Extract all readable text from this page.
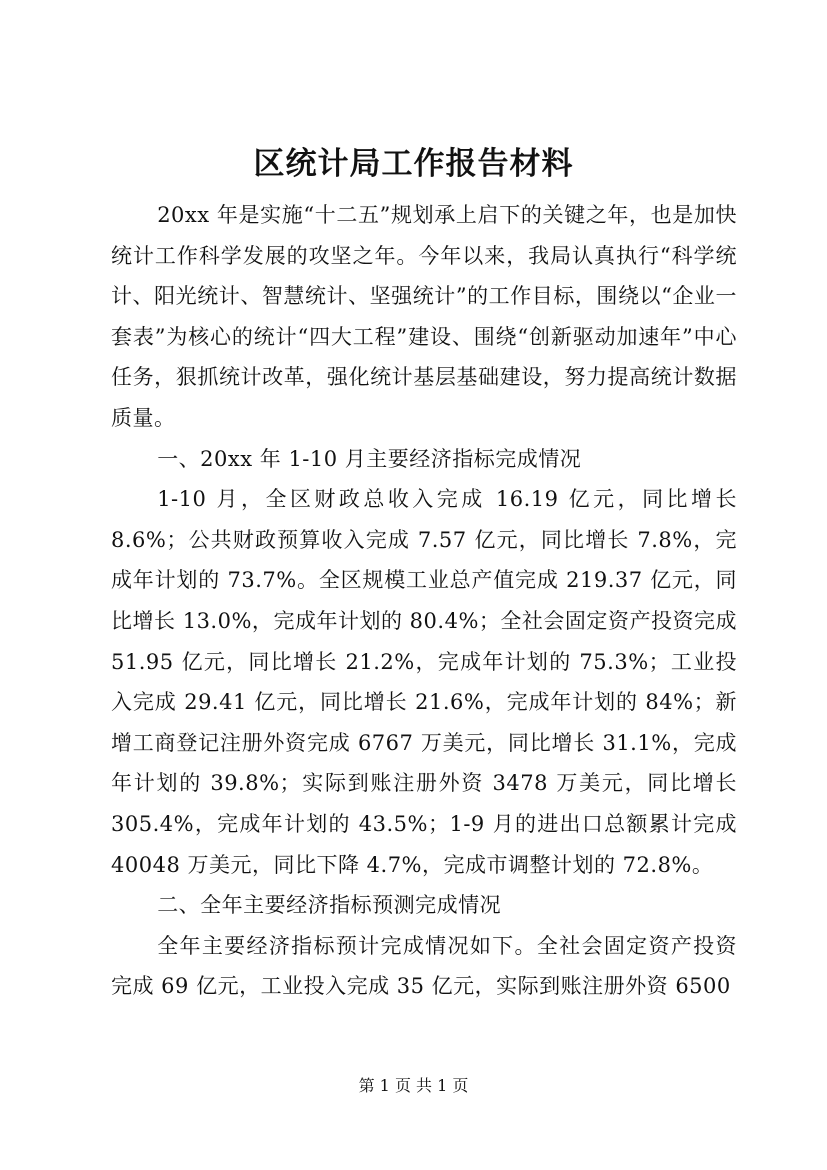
区统计局工作报告材料

20xx 年是实施“十二五”规划承上启下的关键之年，也是加快统计工作科学发展的攻坚之年。今年以来，我局认真执行“科学统计、阳光统计、智慧统计、坚强统计”的工作目标，围绕以“企业一套表”为核心的统计“四大工程”建设、围绕“创新驱动加速年”中心任务，狠抓统计改革，强化统计基层基础建设，努力提高统计数据质量。

一、20xx 年 1-10 月主要经济指标完成情况

1-10 月，全区财政总收入完成 16.19 亿元，同比增长 8.6%；公共财政预算收入完成 7.57 亿元，同比增长 7.8%，完成年计划的 73.7%。全区规模工业总产值完成 219.37 亿元，同比增长 13.0%，完成年计划的 80.4%；全社会固定资产投资完成 51.95 亿元，同比增长 21.2%，完成年计划的 75.3%；工业投入完成 29.41 亿元，同比增长 21.6%，完成年计划的 84%；新增工商登记注册外资完成 6767 万美元，同比增长 31.1%，完成年计划的 39.8%；实际到账注册外资 3478 万美元，同比增长 305.4%，完成年计划的 43.5%；1-9 月的进出口总额累计完成 40048 万美元，同比下降 4.7%，完成市调整计划的 72.8%。

二、全年主要经济指标预测完成情况

全年主要经济指标预计完成情况如下。全社会固定资产投资完成 69 亿元，工业投入完成 35 亿元，实际到账注册外资 6500

第 1 页 共 1 页
